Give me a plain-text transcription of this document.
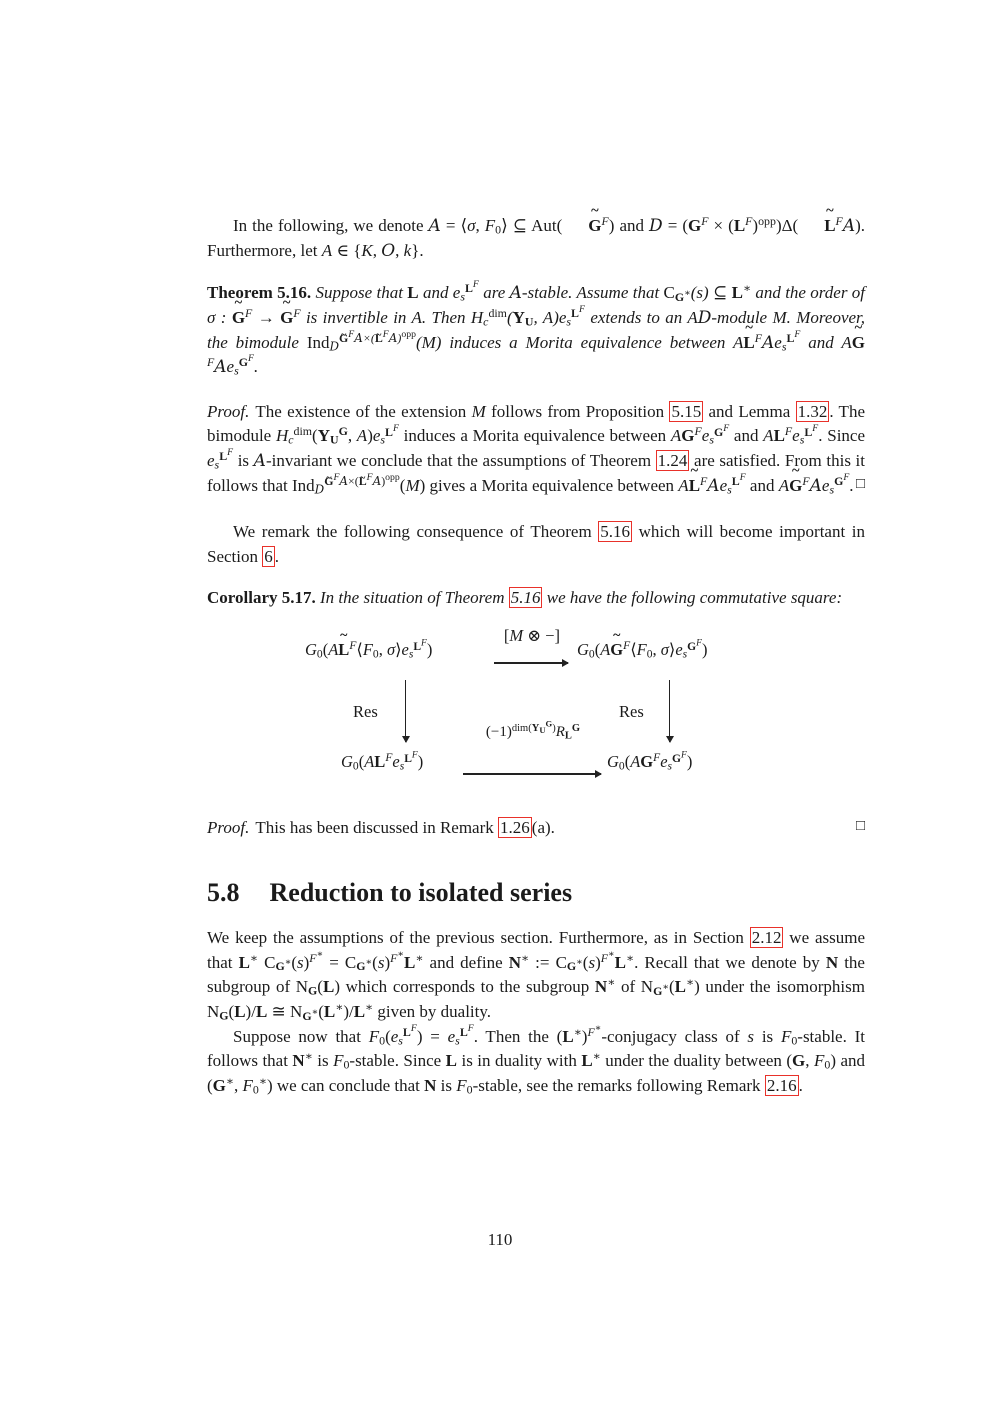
In the following, we denote A = ⟨σ, $F_0⟩$ ⊆ Aut( G ~$^F$) and $D = (G^F \times (L^F)^{opp})\Delta$( L ~$^F$A). Furthermore, let A ∈ {K, O, k}.

Theorem 5.16. Suppose that L and $e_s^{L^F}$ are A-stable. Assume that $C_{G^∗}(s)$ ⊆ L∗ and the order of σ : G ~$^F$ → G ~$^F$ is invertible in A. Then $H_c^{dim}(Y_U$, $A)e_s^{L^F}$ extends to an AD-module M. Moreover, the bimodule Ind$_D^{G^FA\times(L^FA)^{opp}}$(M) induces a Morita equivalence between AL $\sim^FAe_s^{L^F}$ and AG $\sim^FAe_s^{G^F}$.

Proof. The existence of the extension M follows from Proposition 5.15 and Lemma 1.32 . The bimodule $H_c^{dim}(Y_U^G$, $A)e_s^{L^F}$ induces a Morita equivalence between $AG^Fe_s^{G^F}$ and $AL^Fe_s^{L^F}$. Since $e_s^{L^F}$ is A-invariant we conclude that the assumptions of Theorem 1.24 are satisfied. From this it follows that Ind$_D^{G^FA\times(L^FA)^{opp}}$(M) gives a Morita equivalence between AL $\sim^FAe_s^{L^F}$ and AG $\sim^FAe_s^{G^F}$. □

We remark the following consequence of Theorem 5.16 which will become important in Section 6 .

Corollary 5.17. In the situation of Theorem 5.16 we have the following commutative square:

$G_0(AL$ $\sim^F⟨F_0$, $\sigma⟩e_s^{L^F}$)	$G_0(AG$ $\sim^F⟨F_0$, $\sigma⟩e_s^{G^F}$)
[M ⊗ −]
Res	Res
$G_0(AL^Fe_s^{L^F})$	$G_0(AG^Fe_s^{G^F})$
$(-1)^{dim(Y_U^G)}R_L^G$

Proof. This has been discussed in Remark 1.26 (a).	□

5.8 Reduction to isolated series

We keep the assumptions of the previous section. Furthermore, as in Section 2.12 we assume that L∗ $C_{G^∗}(s)^{F^∗} = C_{G^∗}(s)^{F^∗}L^∗$ and define N∗ := $C_{G^∗}(s)^{F^∗}L^∗$. Recall that we denote by N the subgroup of $N_G(L)$ which corresponds to the subgroup N∗ of $N_{G^∗}(L^∗)$ under the isomorphism $N_G(L)/L$ ≅ $N_{G^∗}(L^∗)/L^∗$ given by duality.

Suppose now that $F_0(e_s^{L^F}) = e_s^{L^F}$. Then the $(L^∗)^{F^∗}$-conjugacy class of s is $F_0$-stable. It follows that N∗ is $F_0$-stable. Since L is in duality with L∗ under the duality between (G, $F_0$) and (G∗, $F_0^∗$) we can conclude that N is $F_0$-stable, see the remarks following Remark 2.16 .

110
